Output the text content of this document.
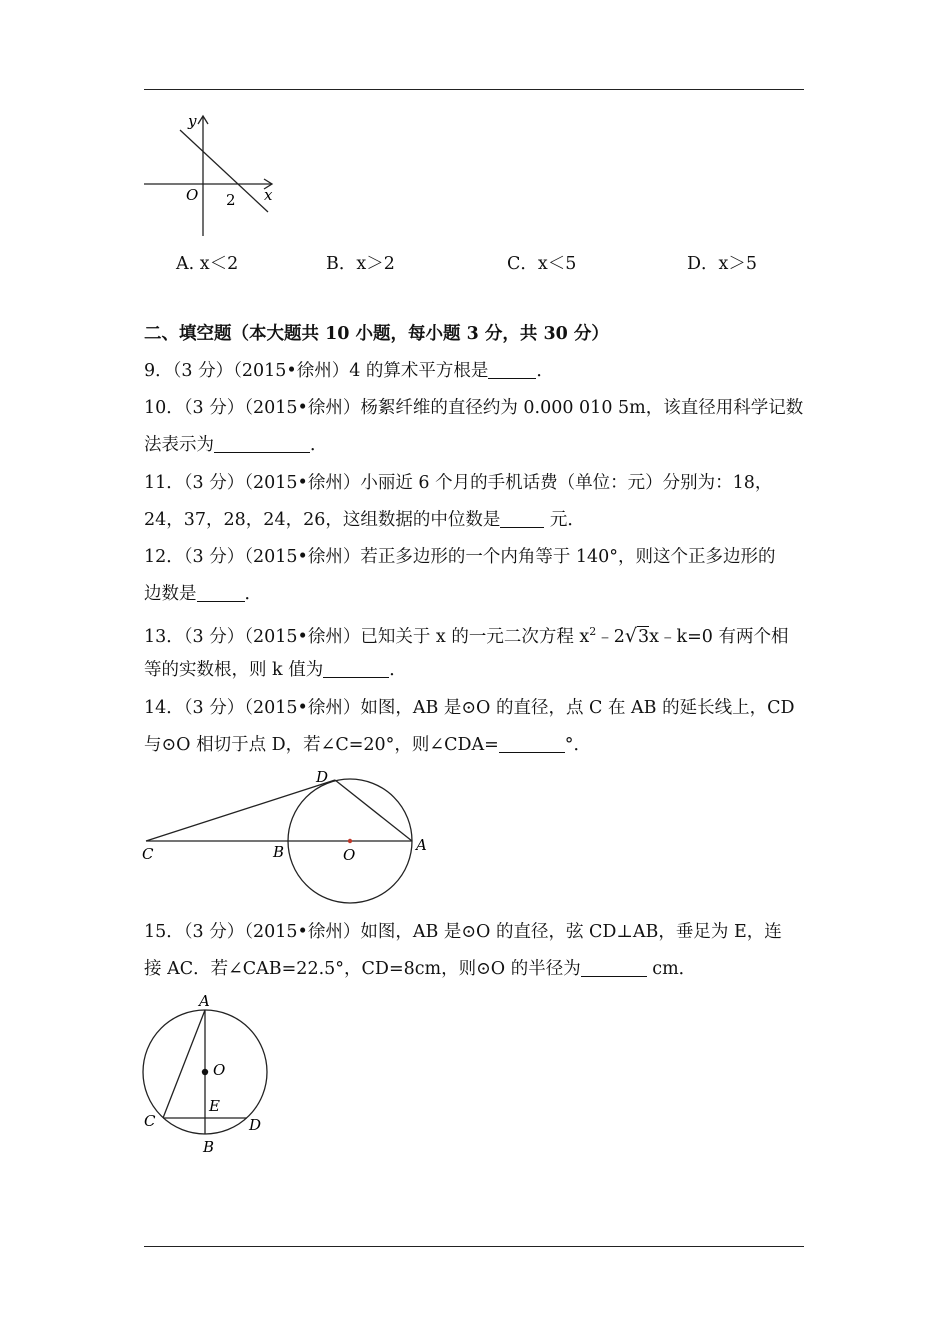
y
x
O 2
A. x＜2	B．x＞2	C．x＜5	D．x＞5
二、填空题（本大题共 10 小题，每小题 3 分，共 30 分）
9．（3 分）（2015•徐州）4 的算术平方根是	．
10．（3 分）（2015•徐州）杨絮纤维的直径约为 0.000 010 5m，该直径用科学记数
法表示为	．
11．（3 分）（2015•徐州）小丽近 6 个月的手机话费（单位：元）分别为：18，
24，37，28，24，26，这组数据的中位数是	元．
12．（3 分）（2015•徐州）若正多边形的一个内角等于 140°，则这个正多边形的
边数是	．
13．（3 分）（2015•徐州）已知关于 x 的一元二次方程 $x^2﹣2√3x﹣k=0$ 有两个相
等的实数根，则 k 值为	．
14．（3 分）（2015•徐州）如图，AB 是⊙O 的直径，点 C 在 AB 的延长线上，CD
与⊙O 相切于点 D，若∠C=20°，则∠CDA=	°．
D
C	B	O
A
15．（3 分）（2015•徐州）如图，AB 是⊙O 的直径，弦 CD⊥AB，垂足为 E，连
接 AC．若∠CAB=22.5°，CD=8cm，则⊙O 的半径为	cm．
A
O
E
C	D
B
